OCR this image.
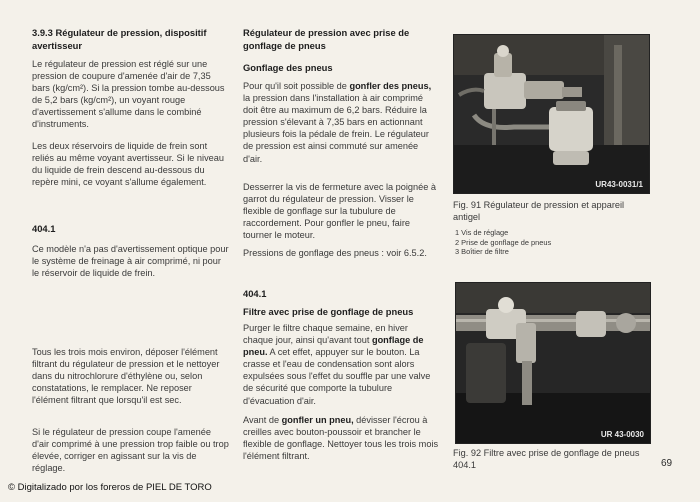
3.9.3 Régulateur de pression, dispositif avertisseur

Le régulateur de pression est réglé sur une pression de coupure d'amenée d'air de 7,35 bars (kg/cm²). Si la pression tombe au-dessous de 5,2 bars (kg/cm²), un voyant rouge d'avertissement s'allume dans le combiné d'instruments.

Les deux réservoirs de liquide de frein sont reliés au même voyant avertisseur. Si le niveau du liquide de frein descend au-dessous du repère mini, ce voyant s'allume également.

404.1

Ce modèle n'a pas d'avertissement optique pour le système de freinage à air comprimé, ni pour le réservoir de liquide de frein.

Tous les trois mois environ, déposer l'élément filtrant du régulateur de pression et le nettoyer dans du nitrochlorure d'éthylène ou, selon constatations, le remplacer. Ne reposer l'élément filtrant que lorsqu'il est sec.

Si le régulateur de pression coupe l'amenée d'air comprimé à une pression trop faible ou trop élevée, corriger en agissant sur la vis de réglage.

Régulateur de pression avec prise de gonflage de pneus

Gonflage des pneus

Pour qu'il soit possible de gonfler des pneus, la pression dans l'installation à air comprimé doit être au maximum de 6,2 bars. Réduire la pression s'élevant à 7,35 bars en actionnant plusieurs fois la pédale de frein. Le régulateur de pression est ainsi commuté sur amenée d'air.

Desserrer la vis de fermeture avec la poignée à garrot du régulateur de pression. Visser le flexible de gonflage sur la tubulure de raccordement. Pour gonfler le pneu, faire tourner le moteur.

Pressions de gonflage des pneus : voir 6.5.2.

404.1

Filtre avec prise de gonflage de pneus

Purger le filtre chaque semaine, en hiver chaque jour, ainsi qu'avant tout gonflage de pneu. A cet effet, appuyer sur le bouton. La crasse et l'eau de condensation sont alors expulsées sous l'effet du souffle par une valve de sécurité que comporte la tubulure d'évacuation d'air.

Avant de gonfler un pneu, dévisser l'écrou à creilles avec bouton-poussoir et brancher le flexible de gonflage. Nettoyer tous les trois mois l'élément filtrant.

UR43-0031/1

Fig. 91 Régulateur de pression et appareil antigel

1 Vis de réglage
2 Prise de gonflage de pneus
3 Boîtier de filtre
UR 43-0030

Fig. 92 Filtre avec prise de gonflage de pneus 404.1	69
© Digitalizado por los foreros de PIEL DE TORO
